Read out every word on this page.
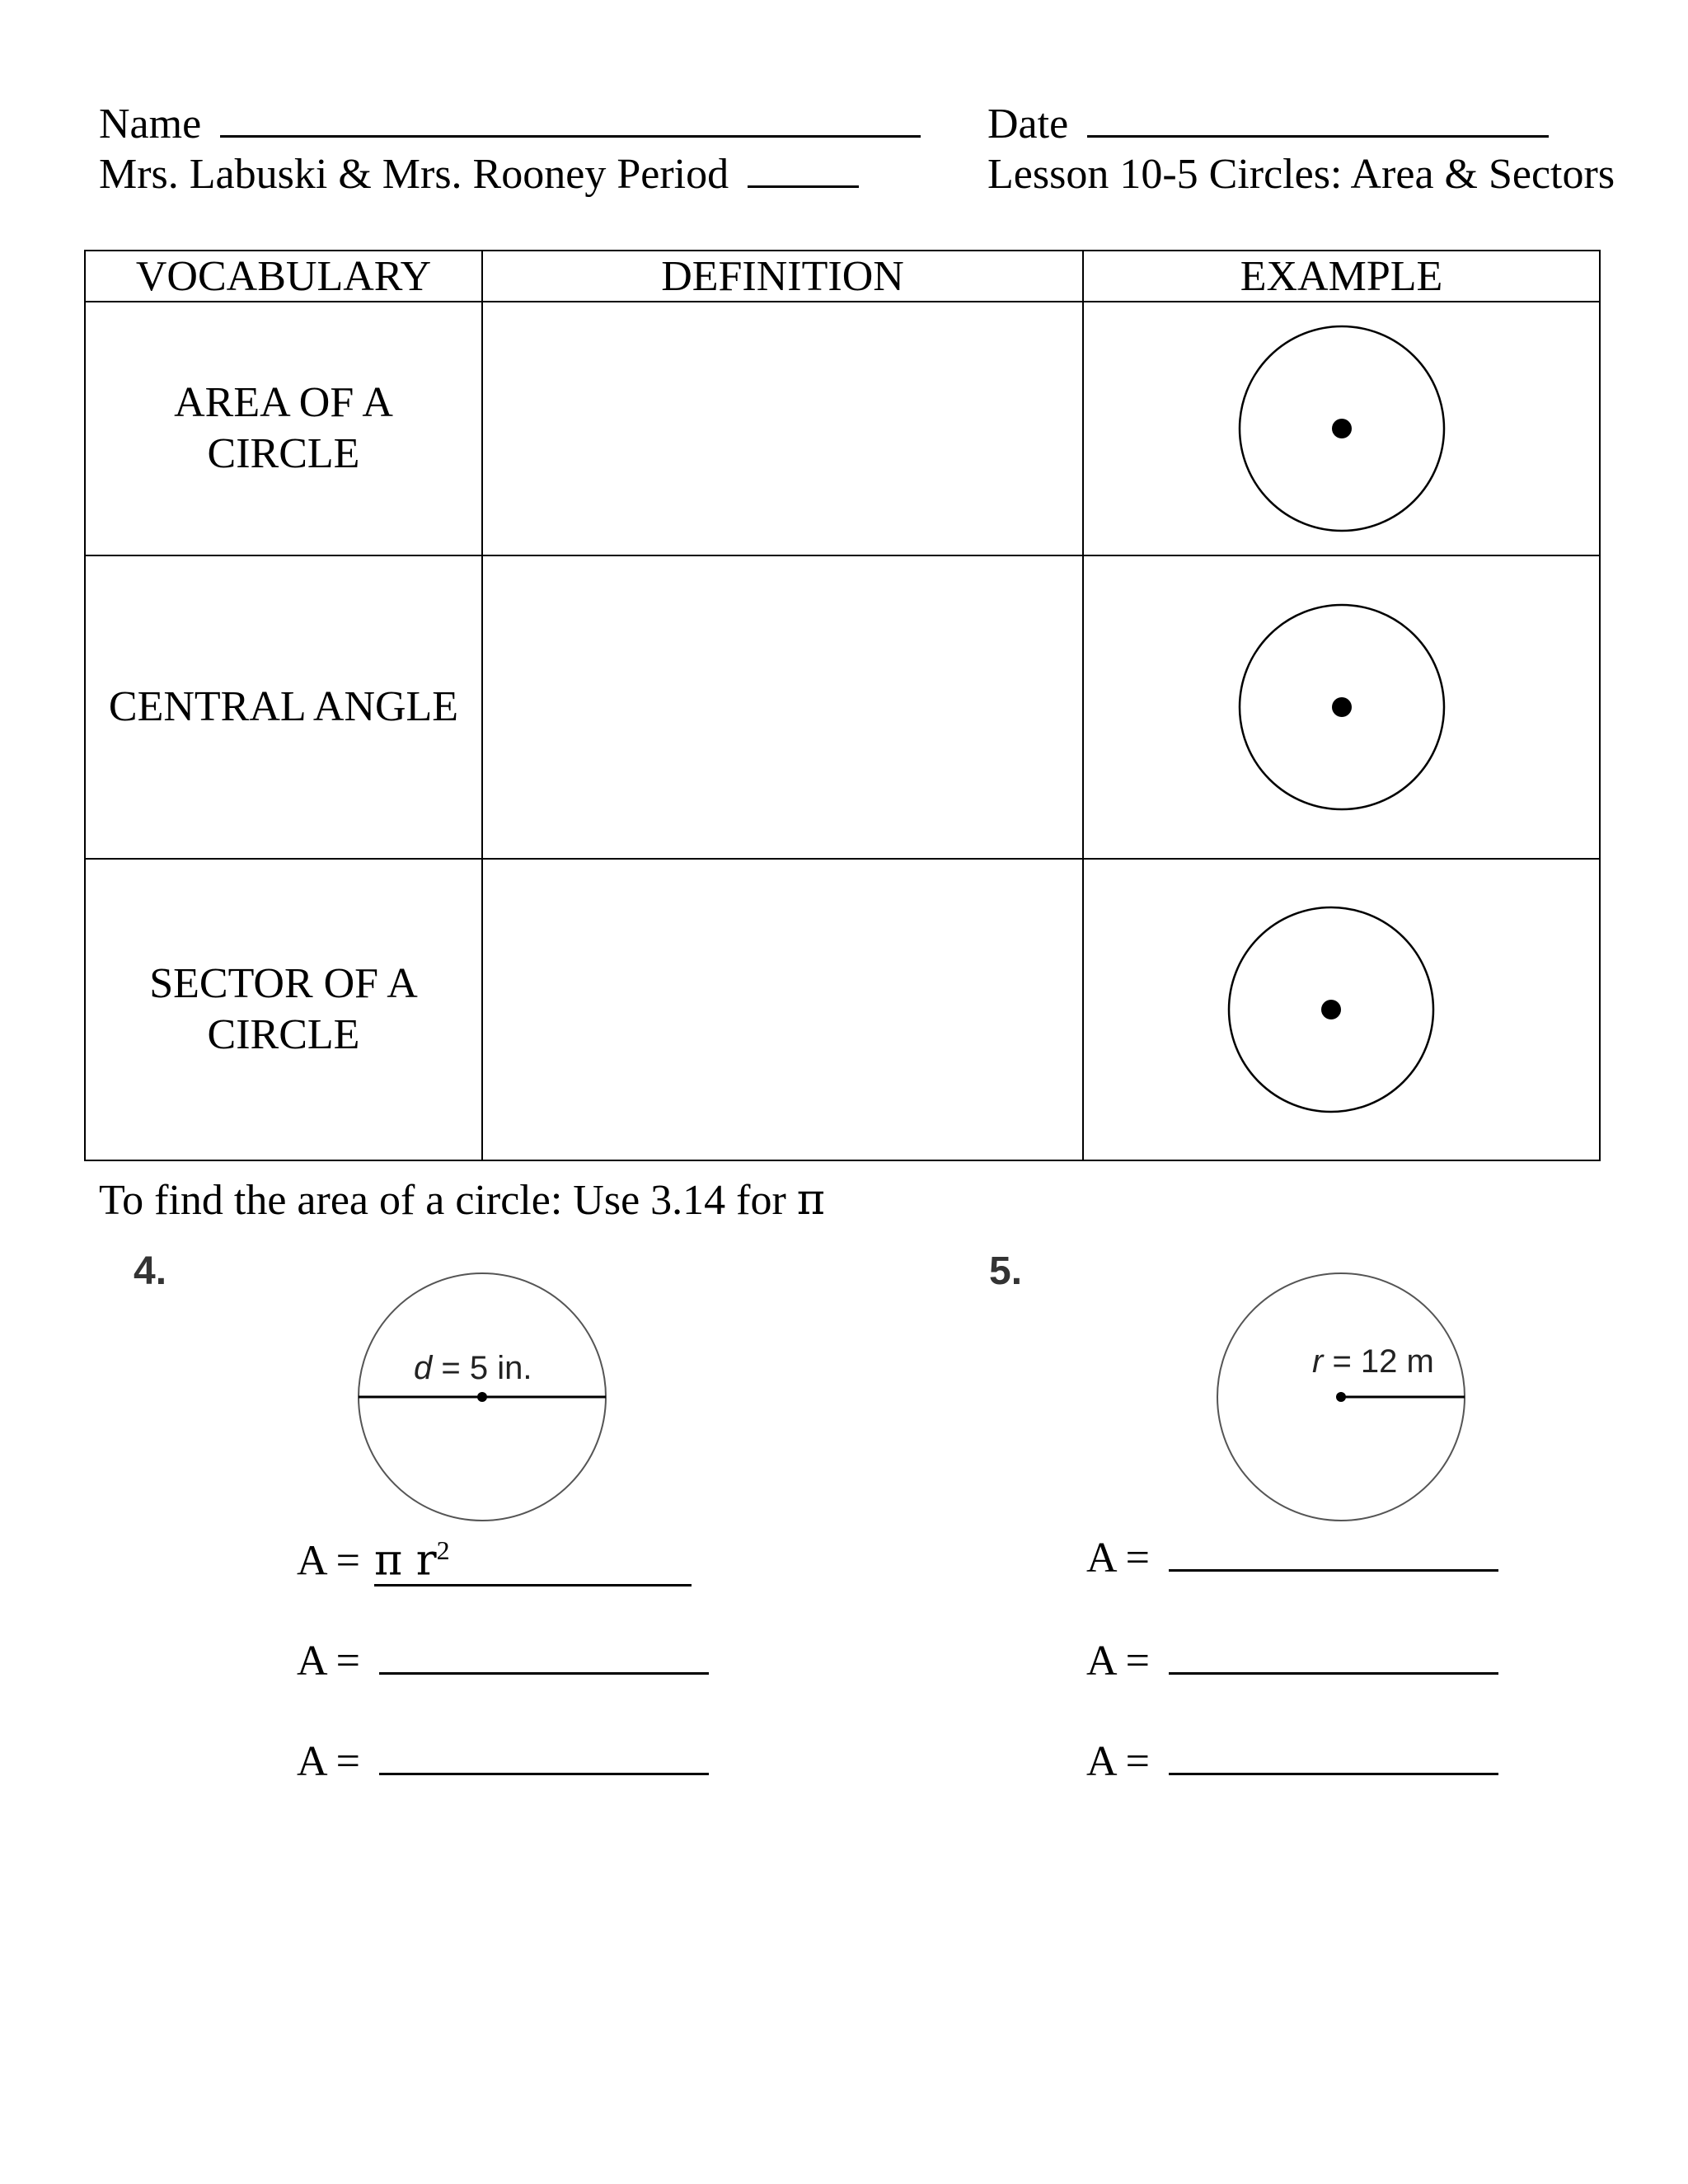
Name	Date
Mrs. Labuski & Mrs. Rooney Period	Lesson 10-5 Circles: Area & Sectors
VOCABULARY	DEFINITION	EXAMPLE

AREA OF A
CIRCLE

CENTRAL ANGLE

SECTOR OF A
CIRCLE

To find the area of a circle: Use 3.14 for π
4.
d = 5 in.
A = π $r^2$
A =
A =
5.
r = 12 m
A =
A =
A =
